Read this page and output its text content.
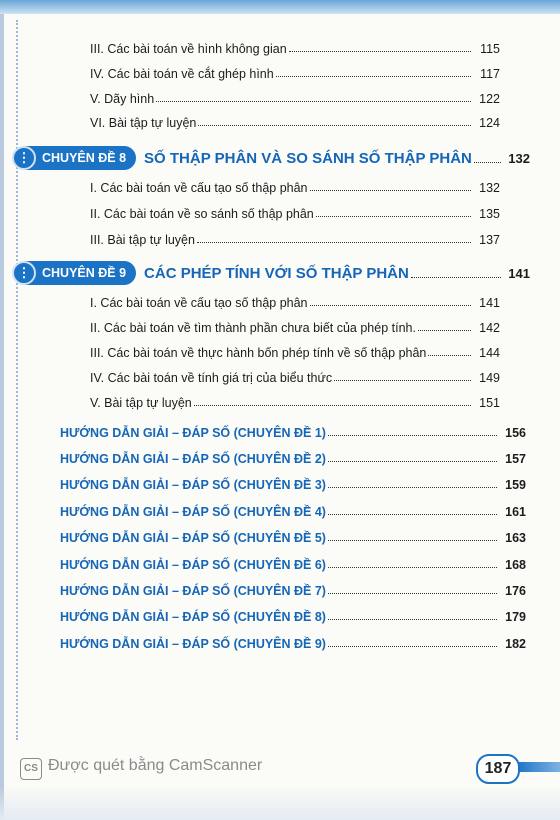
III. Các bài toán về hình không gian	115
IV. Các bài toán về cắt ghép hình	117
V. Dãy hình	122
VI. Bài tập tự luyện	124
⋮ CHUYÊN ĐỀ 8	SỐ THẬP PHÂN VÀ SO SÁNH SỐ THẬP PHÂN	132
I. Các bài toán về cấu tạo số thập phân	132
II. Các bài toán về so sánh số thập phân	135
III. Bài tập tự luyện	137
⋮ CHUYÊN ĐỀ 9	CÁC PHÉP TÍNH VỚI SỐ THẬP PHÂN	141
I. Các bài toán về cấu tạo số thập phân	141
II. Các bài toán về tìm thành phần chưa biết của phép tính.	142
III. Các bài toán về thực hành bốn phép tính về số thập phân	144
IV. Các bài toán về tính giá trị của biểu thức	149
V. Bài tập tự luyện	151
HƯỚNG DẪN GIẢI – ĐÁP SỐ (CHUYÊN ĐỀ 1)	156
HƯỚNG DẪN GIẢI – ĐÁP SỐ (CHUYÊN ĐỀ 2)	157
HƯỚNG DẪN GIẢI – ĐÁP SỐ (CHUYÊN ĐỀ 3)	159
HƯỚNG DẪN GIẢI – ĐÁP SỐ (CHUYÊN ĐỀ 4)	161
HƯỚNG DẪN GIẢI – ĐÁP SỐ (CHUYÊN ĐỀ 5)	163
HƯỚNG DẪN GIẢI – ĐÁP SỐ (CHUYÊN ĐỀ 6)	168
HƯỚNG DẪN GIẢI – ĐÁP SỐ (CHUYÊN ĐỀ 7)	176
HƯỚNG DẪN GIẢI – ĐÁP SỐ (CHUYÊN ĐỀ 8)	179
HƯỚNG DẪN GIẢI – ĐÁP SỐ (CHUYÊN ĐỀ 9)	182
CS Được quét bằng CamScanner	187
